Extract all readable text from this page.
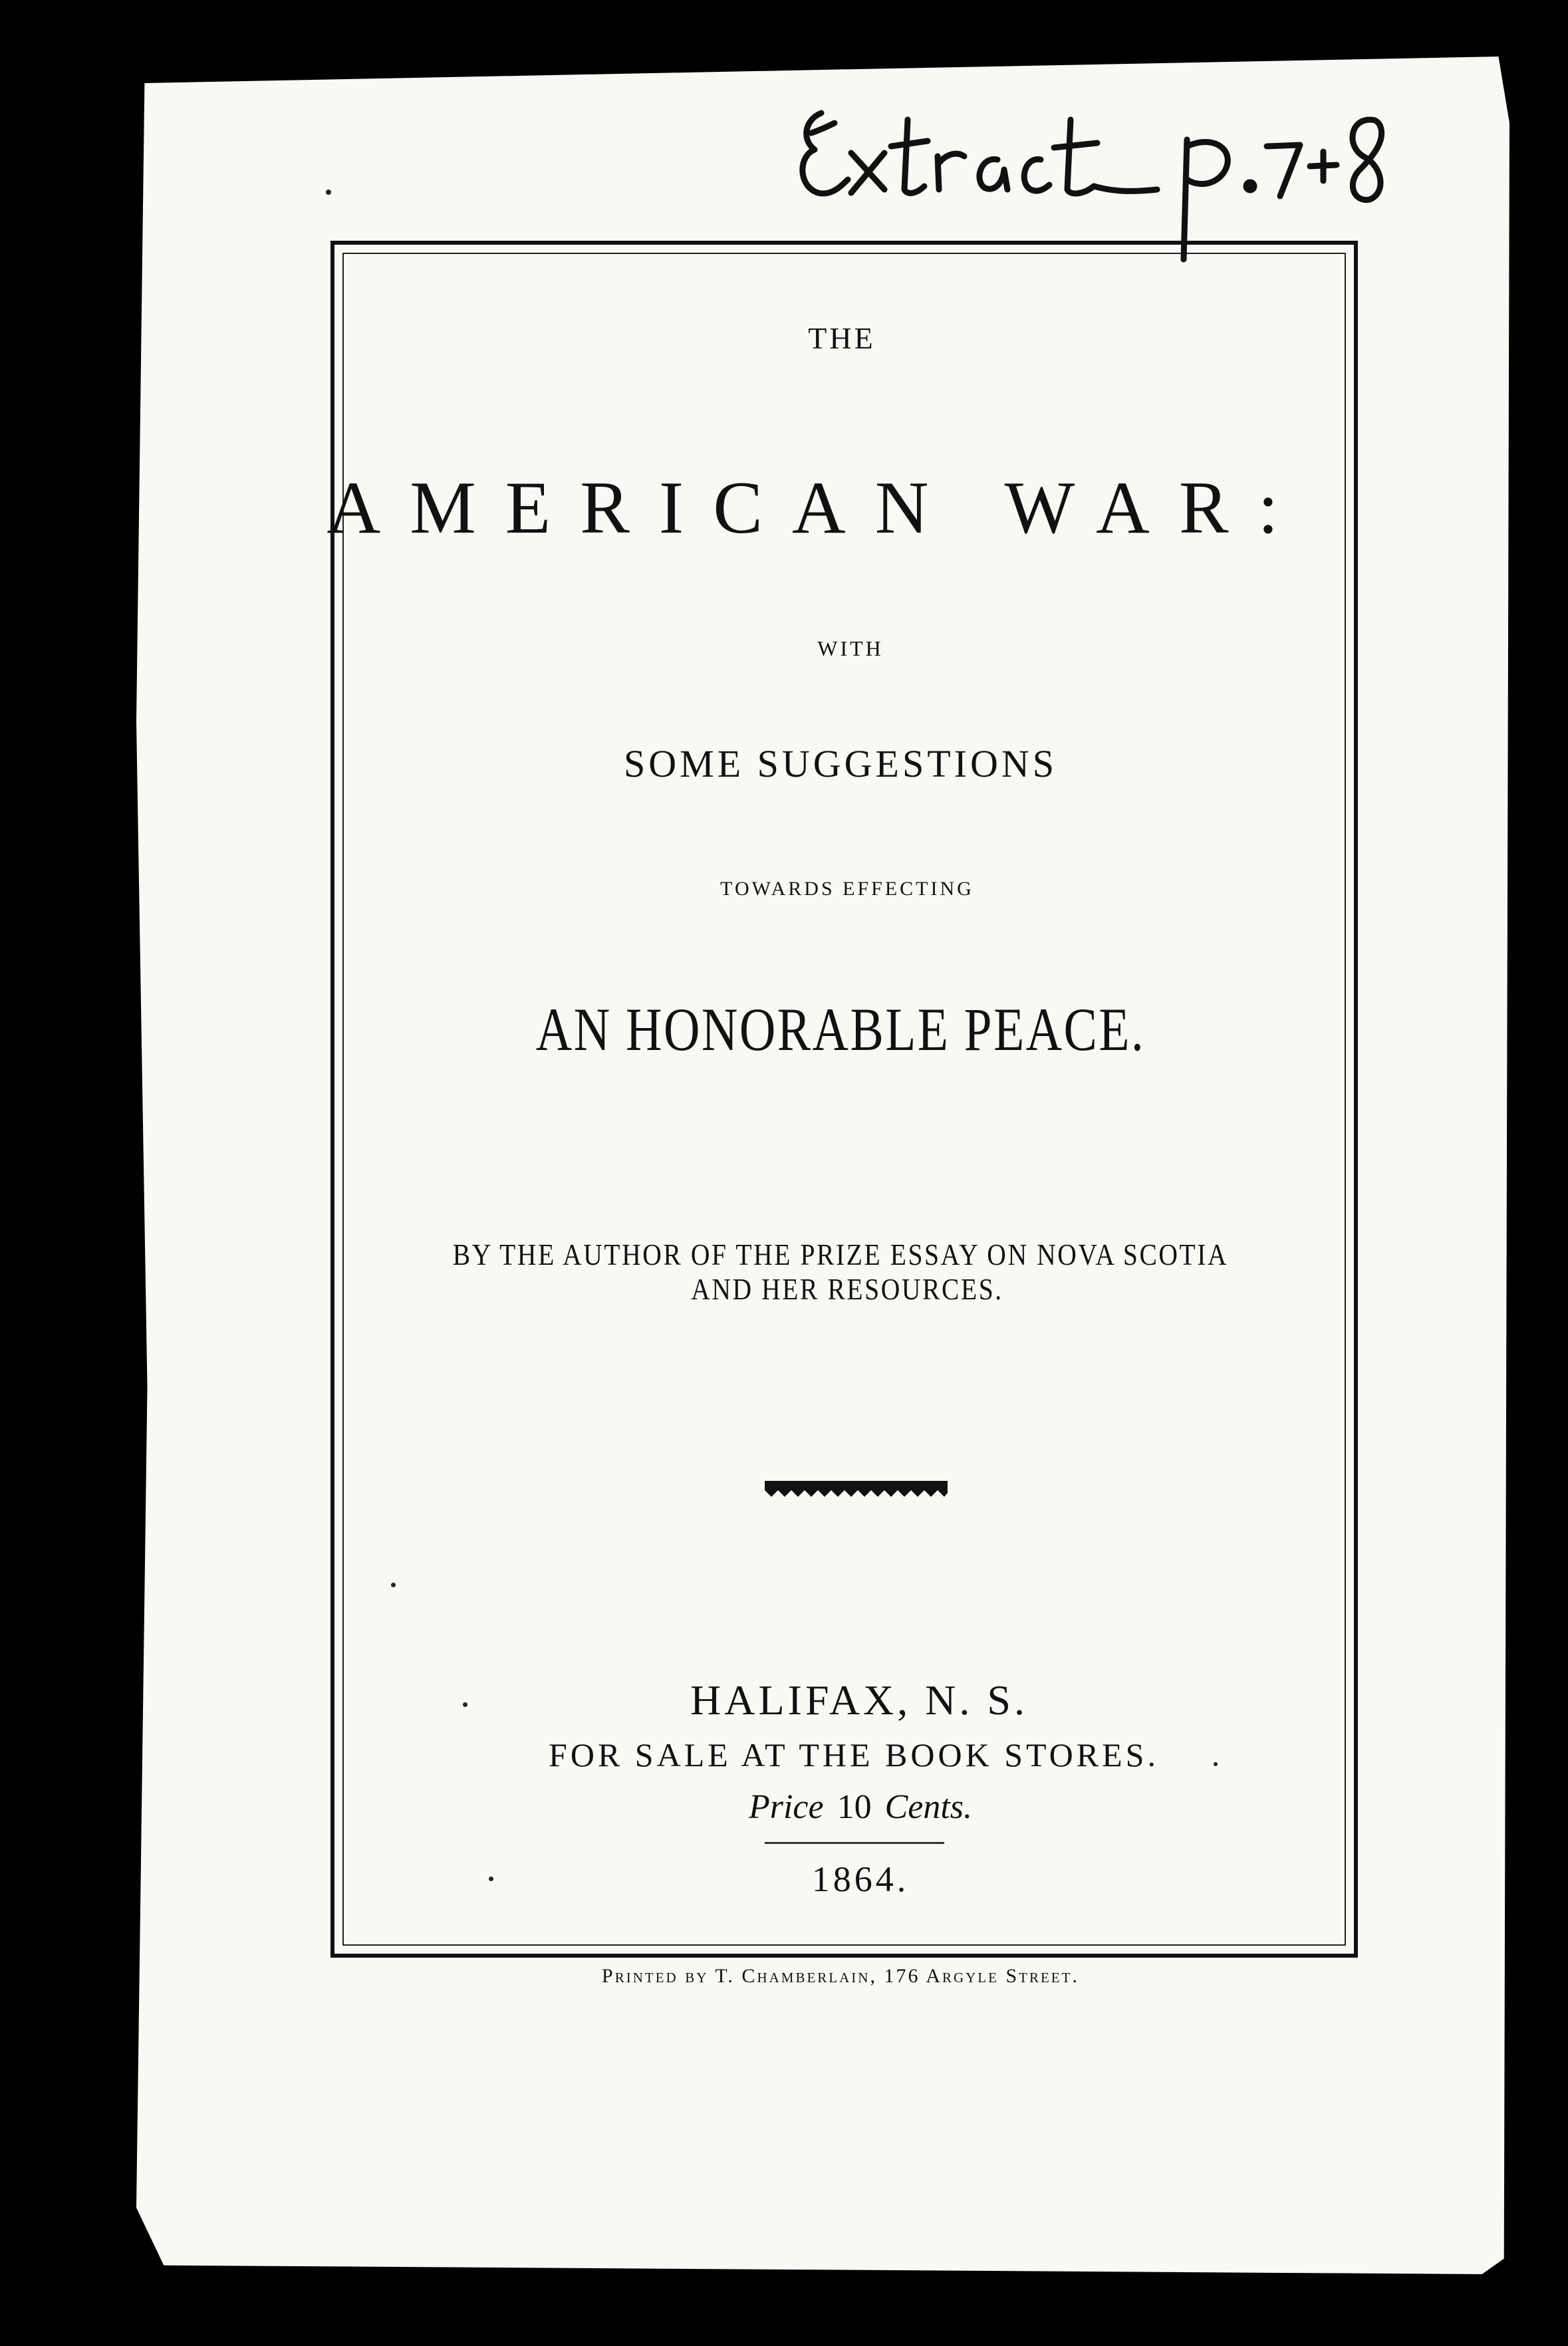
THE
AMERICAN WAR:
WITH
SOME SUGGESTIONS
TOWARDS EFFECTING
AN HONORABLE PEACE.
BY THE AUTHOR OF THE PRIZE ESSAY ON NOVA SCOTIA
AND HER RESOURCES.
HALIFAX, N. S.
FOR SALE AT THE BOOK STORES.
Price 10 Cents.
1864.
Printed by T. Chamberlain, 176 Argyle Street.
